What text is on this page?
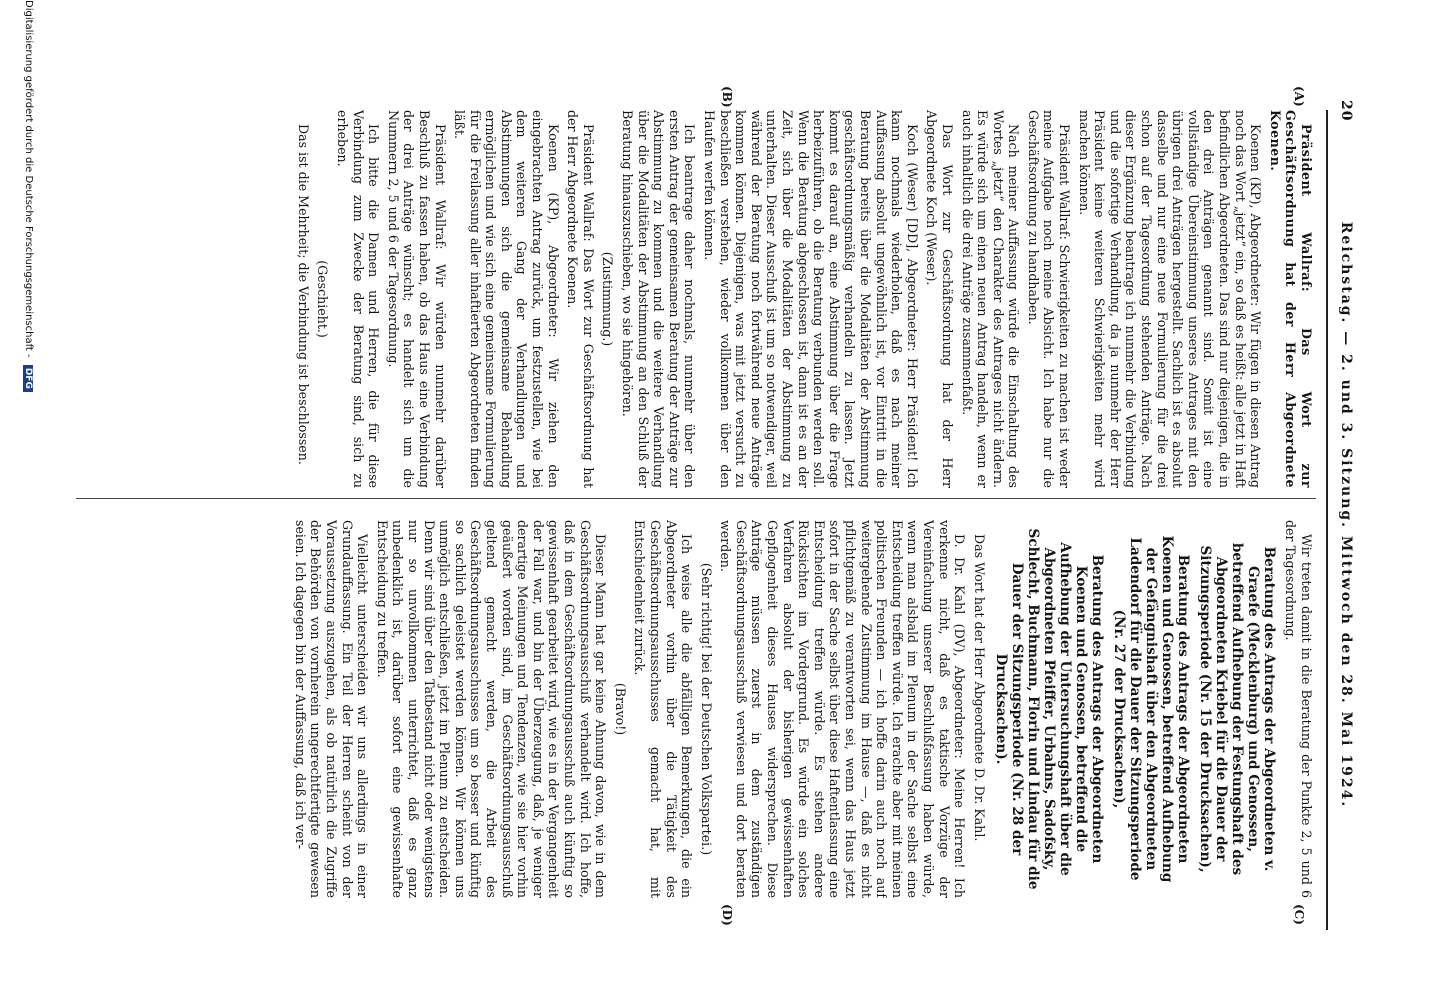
20
Reichstag. — 2. und 3. Sitzung. Mittwoch den 28. Mai 1924.
(A)
(B)
(C)
(D)

Präsident Wallraf: Das Wort zur Geschäftsordnung hat der Herr Abgeordnete Koenen.

Koenen (KP), Abgeordneter: Wir fügen in diesen Antrag noch das Wort „jetzt“ ein, so daß es heißt: alle jetzt in Haft befindlichen Abgeordneten. Das sind nur diejenigen, die in den drei Anträgen genannt sind. Somit ist eine vollständige Übereinstimmung unseres Antrages mit den übrigen drei Anträgen hergestellt. Sachlich ist es absolut dasselbe und nur eine neue Formulierung für die drei schon auf der Tagesordnung stehenden Anträge. Nach dieser Ergänzung beantrage ich nunmehr die Verbindung und die sofortige Verhandlung, da ja nunmehr der Herr Präsident keine weiteren Schwierigkeiten mehr wird machen können.

Präsident Wallraf: Schwierigkeiten zu machen ist weder meine Aufgabe noch meine Absicht. Ich habe nur die Geschäftsordnung zu handhaben.

Nach meiner Auffassung würde die Einschaltung des Wortes „jetzt“ den Charakter des Antrages nicht ändern. Es würde sich um einen neuen Antrag handeln, wenn er auch inhaltlich die drei Anträge zusammenfaßt.

Das Wort zur Geschäftsordnung hat der Herr Abgeordnete Koch (Weser).

Koch (Weser) [DD], Abgeordneter: Herr Präsident! Ich kann nochmals wiederholen, daß es nach meiner Auffassung absolut ungewöhnlich ist, vor Eintritt in die Beratung bereits über die Modalitäten der Abstimmung geschäftsordnungsmäßig verhandeln zu lassen. Jetzt kommt es darauf an, eine Abstimmung über die Frage herbeizuführen, ob die Beratung verbunden werden soll. Wenn die Beratung abgeschlossen ist, dann ist es an der Zeit, sich über die Modalitäten der Abstimmung zu unterhalten. Dieser Ausschuß ist um so notwendiger, weil während der Beratung noch fortwährend neue Anträge kommen können. Diejenigen, was mit jetzt versucht zu beschließen verstehen, wieder vollkommen über den Haufen werfen können.

Ich beantrage daher nochmals, nunmehr über den ersten Antrag der gemeinsamen Beratung der Anträge zur Abstimmung zu kommen und die weitere Verhandlung über die Modalitäten der Abstimmung an den Schluß der Beratung hinauszuschieben, wo sie hingehören.

(Zustimmung.)

Präsident Wallraf: Das Wort zur Geschäftsordnung hat der Herr Abgeordnete Koenen.

Koenen (KP), Abgeordneter: Wir ziehen den eingebrachten Antrag zurück, um festzustellen, wie bei dem weiteren Gang der Verhandlungen und Abstimmungen sich die gemeinsame Behandlung ermöglichen und wie sich eine gemeinsame Formulierung für die Freilassung aller inhaftierten Abgeordneten finden läßt.

Präsident Wallraf: Wir würden nunmehr darüber Beschluß zu fassen haben, ob das Haus eine Verbindung der drei Anträge wünscht; es handelt sich um die Nummern 2, 5 und 6 der Tagesordnung.

Ich bitte die Damen und Herren, die für diese Verbindung zum Zwecke der Beratung sind, sich zu erheben.

(Geschieht.)

Das ist die Mehrheit; die Verbindung ist beschlossen.

Wir treten damit in die Beratung der Punkte 2, 5 und 6 der Tagesordnung.

Beratung des Antrags der Abgeordneten v. Graefe (Mecklenburg) und Genossen, betreffend Aufhebung der Festungshaft des Abgeordneten Kriebel für die Dauer der Sitzungsperiode (Nr. 15 der Drucksachen),

Beratung des Antrags der Abgeordneten Koenen und Genossen, betreffend Aufhebung der Gefängnishaft über den Abgeordneten Ladendorf für die Dauer der Sitzungsperiode (Nr. 27 der Drucksachen),

Beratung des Antrags der Abgeordneten Koenen und Genossen, betreffend die Aufhebung der Untersuchungshaft über die Abgeordneten Pfeiffer, Urbahns, Sadofsky, Schlecht, Buchmann, Florin und Lindau für die Dauer der Sitzungsperiode (Nr. 28 der Drucksachen).

Das Wort hat der Herr Abgeordnete D. Dr. Kahl.

D. Dr. Kahl (DV), Abgeordneter: Meine Herren! Ich verkenne nicht, daß es taktische Vorzüge der Vereinfachung unserer Beschlußfassung haben würde, wenn man alsbald im Plenum in der Sache selbst eine Entscheidung treffen würde. Ich erachte aber mit meinen politischen Freunden — ich hoffe darin auch noch auf weitergehende Zustimmung im Hause —, daß es nicht pflichtgemäß zu verantworten sei, wenn das Haus jetzt sofort in der Sache selbst über diese Haftentlassung eine Entscheidung treffen würde. Es stehen andere Rücksichten im Vordergrund. Es würde ein solches Verfahren absolut der bisherigen gewissenhaften Gepflogenheit dieses Hauses widersprechen. Diese Anträge müssen zuerst in dem zuständigen Geschäftsordnungsausschuß verwiesen und dort beraten werden.

(Sehr richtig! bei der Deutschen Volkspartei.)

Ich weise alle die abfälligen Bemerkungen, die ein Abgeordneter vorhin über die Tätigkeit des Geschäftsordnungsausschusses gemacht hat, mit Entschiedenheit zurück.

(Bravo!)

Dieser Mann hat gar keine Ahnung davon, wie in dem Geschäftsordnungsausschuß verhandelt wird. Ich hoffe, daß in dem Geschäftsordnungsausschuß auch künftig so gewissenhaft gearbeitet wird, wie es in der Vergangenheit der Fall war, und bin der Überzeugung, daß, je weniger derartige Meinungen und Tendenzen, wie sie hier vorhin geäußert worden sind, im Geschäftsordnungsausschuß geltend gemacht werden, die Arbeit des Geschäftsordnungsausschusses um so besser und künftig so sachlich geleistet werden können. Wir können uns unmöglich entschließen, jetzt im Plenum zu entscheiden. Denn wir sind über den Tatbestand nicht oder wenigstens nur so unvollkommen unterrichtet, daß es ganz unbedenklich ist, darüber sofort eine gewissenhafte Entscheidung zu treffen.

Vielleicht unterscheiden wir uns allerdings in einer Grundauffassung. Ein Teil der Herren scheint von der Voraussetzung auszugehen, als ob natürlich die Zugriffe der Behörden von vornherein ungerechtfertigte gewesen seien. Ich dagegen bin der Auffassung, daß ich ver-

Digitalisierung gefördert durch die Deutsche Forschungsgemeinschaft - DFG
